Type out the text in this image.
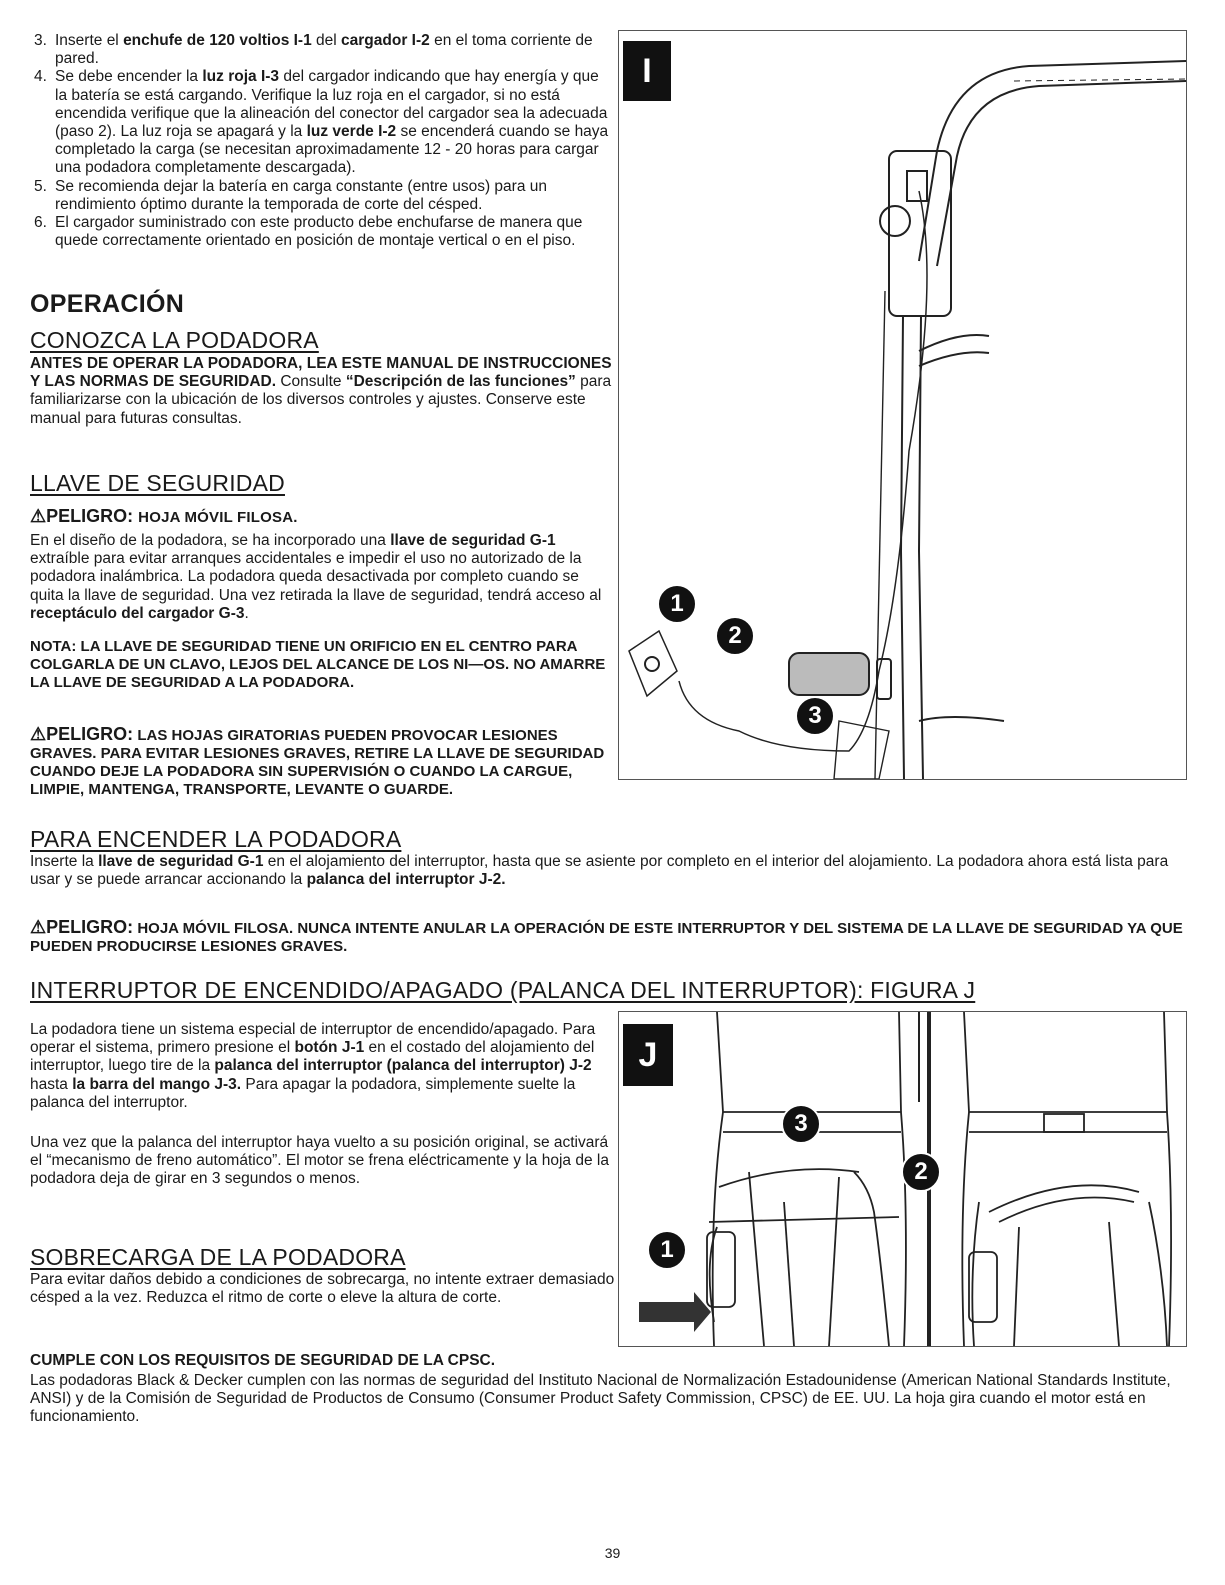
3. Inserte el enchufe de 120 voltios I-1 del cargador I-2 en el toma corriente de pared.
4. Se debe encender la luz roja I-3 del cargador indicando que hay energía y que la batería se está cargando. Verifique la luz roja en el cargador, si no está encendida verifique que la alineación del conector del cargador sea la adecuada (paso 2). La luz roja se apagará y la luz verde I-2 se encenderá cuando se haya completado la carga (se necesitan aproximadamente 12 - 20 horas para cargar una podadora completamente descargada).
5. Se recomienda dejar la batería en carga constante (entre usos) para un rendimiento óptimo durante la temporada de corte del césped.
6. El cargador suministrado con este producto debe enchufarse de manera que quede correctamente orientado en posición de montaje vertical o en el piso.
OPERACIÓN
CONOZCA LA PODADORA
ANTES DE OPERAR LA PODADORA, LEA ESTE MANUAL DE INSTRUCCIONES Y LAS NORMAS DE SEGURIDAD. Consulte “Descripción de las funciones” para familiarizarse con la ubicación de los diversos controles y ajustes. Conserve este manual para futuras consultas.
LLAVE DE SEGURIDAD
⚠PELIGRO: HOJA MÓVIL FILOSA.
En el diseño de la podadora, se ha incorporado una llave de seguridad G-1 extraíble para evitar arranques accidentales e impedir el uso no autorizado de la podadora inalámbrica. La podadora queda desactivada por completo cuando se quita la llave de seguridad. Una vez retirada la llave de seguridad, tendrá acceso al receptáculo del cargador G-3.
NOTA: LA LLAVE DE SEGURIDAD TIENE UN ORIFICIO EN EL CENTRO PARA COLGARLA DE UN CLAVO, LEJOS DEL ALCANCE DE LOS NI—OS. NO AMARRE LA LLAVE DE SEGURIDAD A LA PODADORA.
⚠PELIGRO: LAS HOJAS GIRATORIAS PUEDEN PROVOCAR LESIONES GRAVES. PARA EVITAR LESIONES GRAVES, RETIRE LA LLAVE DE SEGURIDAD CUANDO DEJE LA PODADORA SIN SUPERVISIÓN O CUANDO LA CARGUE, LIMPIE, MANTENGA, TRANSPORTE, LEVANTE O GUARDE.
I
1
2
3
PARA ENCENDER LA PODADORA
Inserte la llave de seguridad G-1 en el alojamiento del interruptor, hasta que se asiente por completo en el interior del alojamiento. La podadora ahora está lista para usar y se puede arrancar accionando la palanca del interruptor J-2.
⚠PELIGRO: HOJA MÓVIL FILOSA. NUNCA INTENTE ANULAR LA OPERACIÓN DE ESTE INTERRUPTOR Y DEL SISTEMA DE LA LLAVE DE SEGURIDAD YA QUE PUEDEN PRODUCIRSE LESIONES GRAVES.
INTERRUPTOR DE ENCENDIDO/APAGADO (PALANCA DEL INTERRUPTOR): FIGURA J
La podadora tiene un sistema especial de interruptor de encendido/apagado. Para operar el sistema, primero presione el botón J-1 en el costado del alojamiento del interruptor, luego tire de la palanca del interruptor (palanca del interruptor) J-2 hasta la barra del mango J-3. Para apagar la podadora, simplemente suelte la palanca del interruptor.
Una vez que la palanca del interruptor haya vuelto a su posición original, se activará el “mecanismo de freno automático”. El motor se frena eléctricamente y la hoja de la podadora deja de girar en 3 segundos o menos.
SOBRECARGA DE LA PODADORA
Para evitar daños debido a condiciones de sobrecarga, no intente extraer demasiado césped a la vez. Reduzca el ritmo de corte o eleve la altura de corte.
J
1
2
3
CUMPLE CON LOS REQUISITOS DE SEGURIDAD DE LA CPSC.
Las podadoras Black & Decker cumplen con las normas de seguridad del Instituto Nacional de Normalización Estadounidense (American National Standards Institute, ANSI) y de la Comisión de Seguridad de Productos de Consumo (Consumer Product Safety Commission, CPSC) de EE. UU. La hoja gira cuando el motor está en funcionamiento.
39
